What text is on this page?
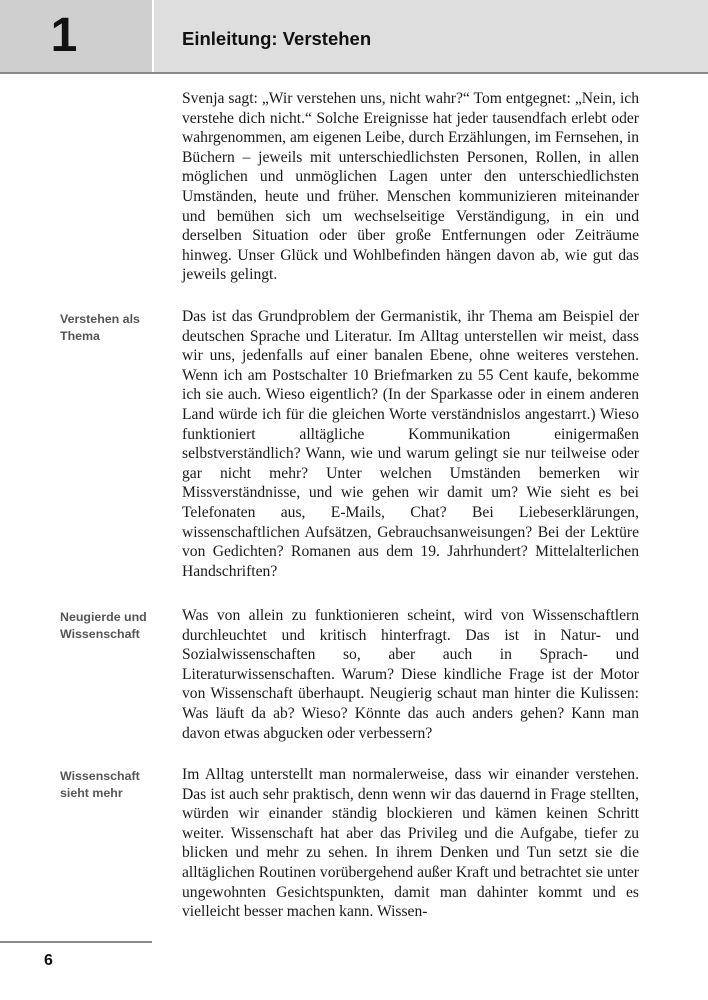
1	Einleitung: Verstehen
Verstehen als Thema
Neugierde und Wissenschaft
Wissenschaft sieht mehr

Svenja sagt: „Wir verstehen uns, nicht wahr?“ Tom entgegnet: „Nein, ich verstehe dich nicht.“ Solche Ereignisse hat jeder tausendfach erlebt oder wahrgenommen, am eigenen Leibe, durch Erzählungen, im Fernsehen, in Büchern – jeweils mit unterschiedlichsten Personen, Rollen, in allen möglichen und unmöglichen Lagen unter den unterschiedlichsten Umständen, heute und früher. Menschen kommunizieren miteinander und bemühen sich um wechselseitige Verständigung, in ein und derselben Situation oder über große Entfernungen oder Zeiträume hinweg. Unser Glück und Wohlbefinden hängen davon ab, wie gut das jeweils gelingt.

Das ist das Grundproblem der Germanistik, ihr Thema am Beispiel der deutschen Sprache und Literatur. Im Alltag unterstellen wir meist, dass wir uns, jedenfalls auf einer banalen Ebene, ohne weiteres verstehen. Wenn ich am Postschalter 10 Briefmarken zu 55 Cent kaufe, bekomme ich sie auch. Wieso eigentlich? (In der Sparkasse oder in einem anderen Land würde ich für die gleichen Worte verständnislos angestarrt.) Wieso funktioniert alltägliche Kommunikation einigermaßen selbstverständlich? Wann, wie und warum gelingt sie nur teilweise oder gar nicht mehr? Unter welchen Umständen bemerken wir Missverständnisse, und wie gehen wir damit um? Wie sieht es bei Telefonaten aus, E-Mails, Chat? Bei Liebeserklärungen, wissenschaftlichen Aufsätzen, Gebrauchsanweisungen? Bei der Lektüre von Gedichten? Romanen aus dem 19. Jahrhundert? Mittelalterlichen Handschriften?

Was von allein zu funktionieren scheint, wird von Wissenschaftlern durchleuchtet und kritisch hinterfragt. Das ist in Natur- und Sozialwissenschaften so, aber auch in Sprach- und Literaturwissenschaften. Warum? Diese kindliche Frage ist der Motor von Wissenschaft überhaupt. Neugierig schaut man hinter die Kulissen: Was läuft da ab? Wieso? Könnte das auch anders gehen? Kann man davon etwas abgucken oder verbessern?

Im Alltag unterstellt man normalerweise, dass wir einander verstehen. Das ist auch sehr praktisch, denn wenn wir das dauernd in Frage stellten, würden wir einander ständig blockieren und kämen keinen Schritt weiter. Wissenschaft hat aber das Privileg und die Aufgabe, tiefer zu blicken und mehr zu sehen. In ihrem Denken und Tun setzt sie die alltäglichen Routinen vorübergehend außer Kraft und betrachtet sie unter ungewohnten Gesichtspunkten, damit man dahinter kommt und es vielleicht besser machen kann. Wissen-

6
